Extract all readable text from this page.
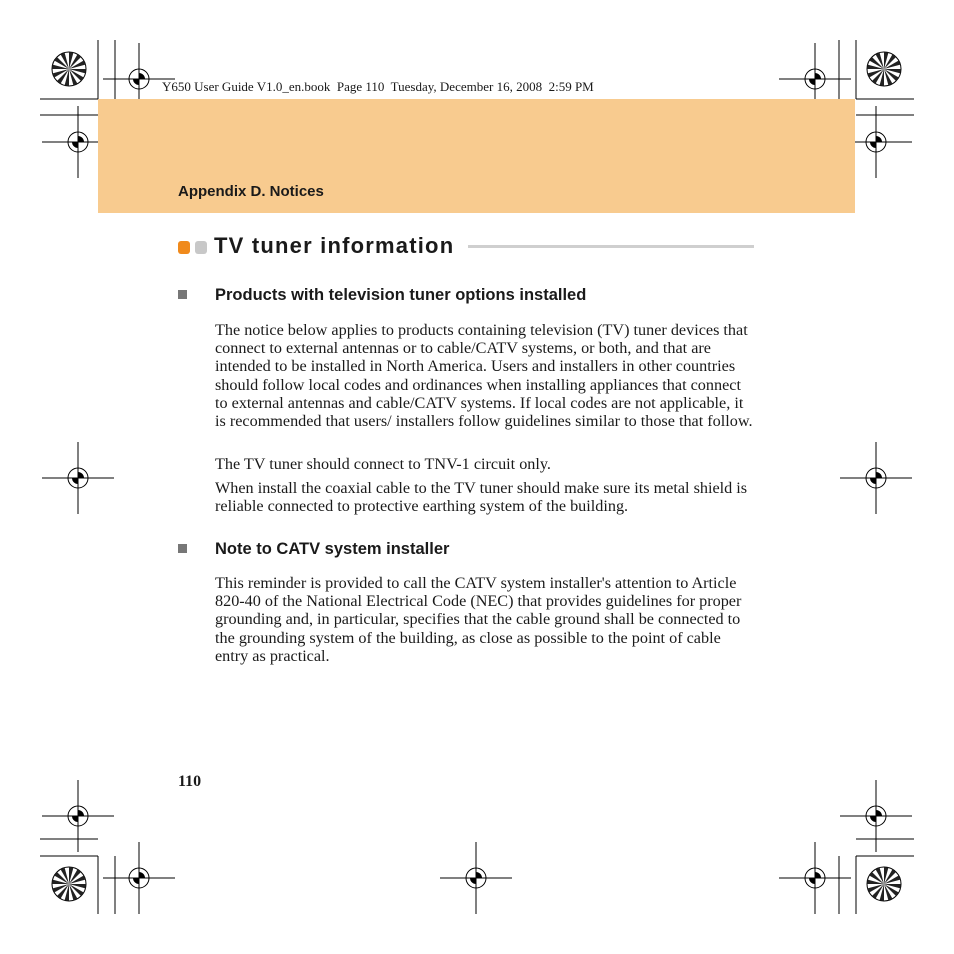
Y650 User Guide V1.0_en.book  Page 110  Tuesday, December 16, 2008  2:59 PM
Appendix D. Notices
TV tuner information
Products with television tuner options installed
The notice below applies to products containing television (TV) tuner devices that connect to external antennas or to cable/CATV systems, or both, and that are intended to be installed in North America. Users and installers in other countries should follow local codes and ordinances when installing appliances that connect to external antennas and cable/CATV systems. If local codes are not applicable, it is recommended that users/ installers follow guidelines similar to those that follow.
The TV tuner should connect to TNV-1 circuit only.
When install the coaxial cable to the TV tuner should make sure its metal shield is reliable connected to protective earthing system of the building.
Note to CATV system installer
This reminder is provided to call the CATV system installer's attention to Article 820-40 of the National Electrical Code (NEC) that provides guidelines for proper grounding and, in particular, specifies that the cable ground shall be connected to the grounding system of the building, as close as possible to the point of cable entry as practical.
110
